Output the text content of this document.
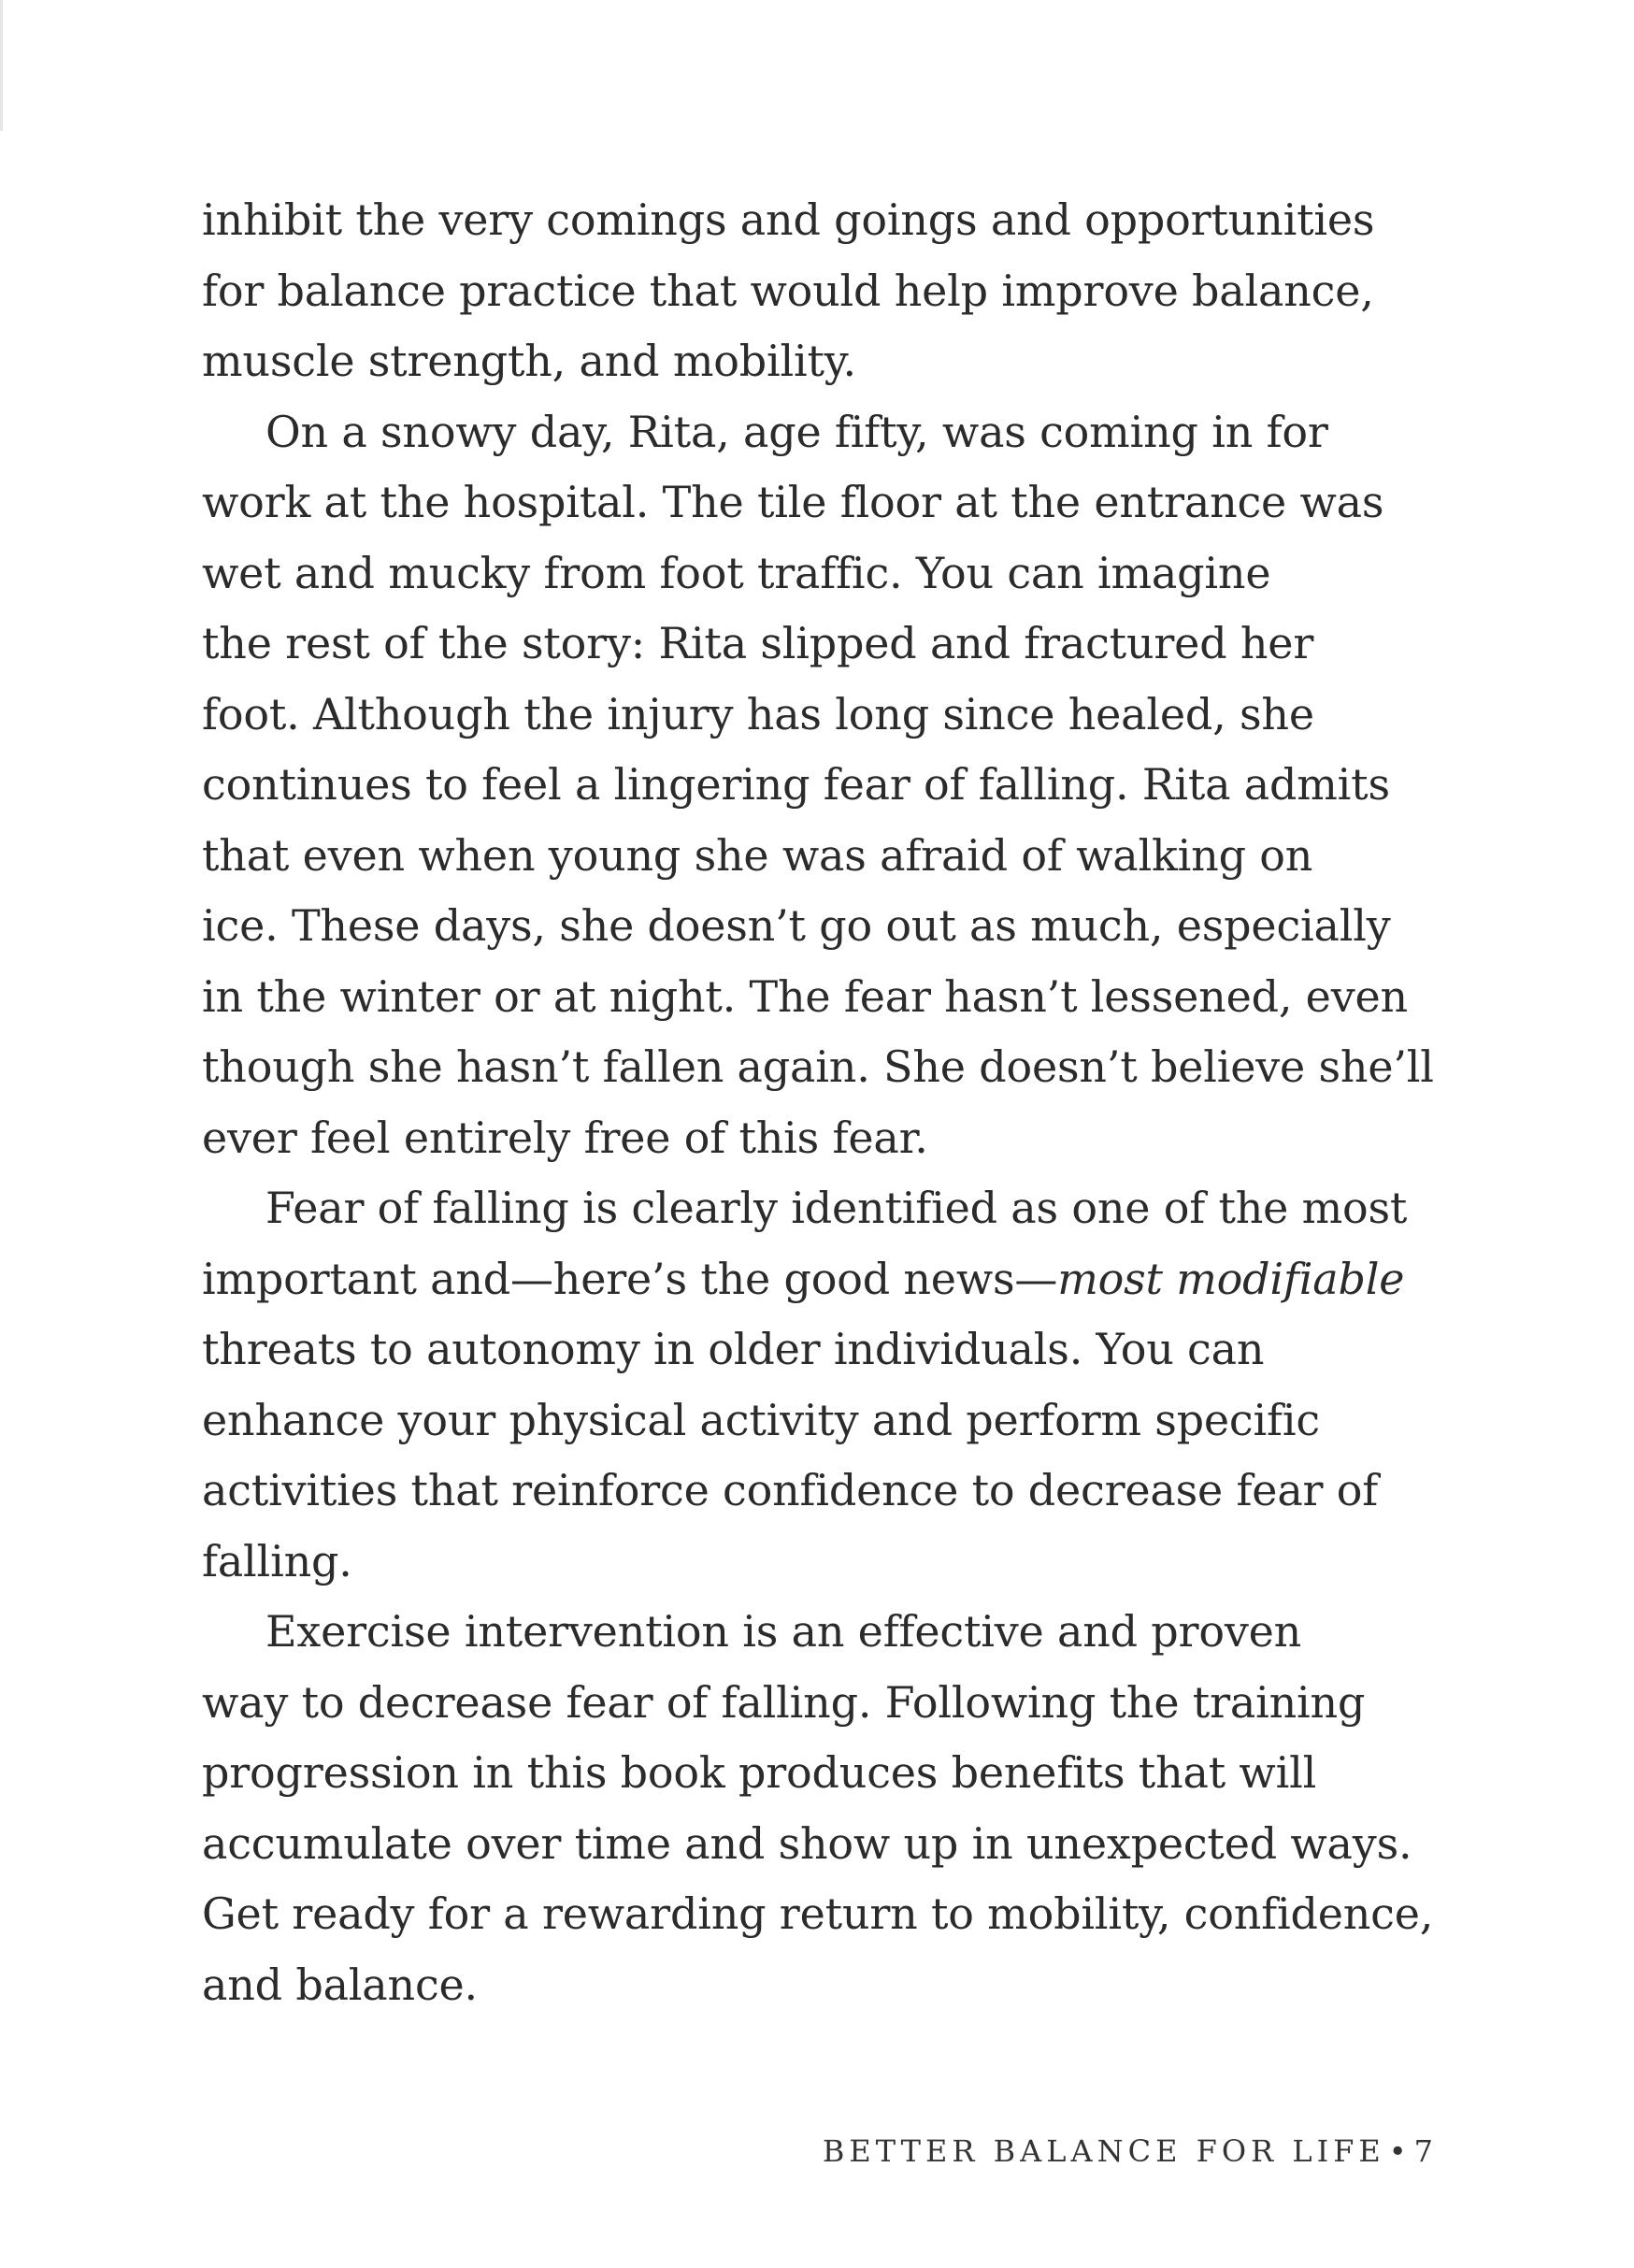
inhibit the very comings and goings and opportunities
for balance practice that would help improve balance,
muscle strength, and mobility.

On a snowy day, Rita, age fifty, was coming in for
work at the hospital. The tile floor at the entrance was
wet and mucky from foot traffic. You can imagine
the rest of the story: Rita slipped and fractured her
foot. Although the injury has long since healed, she
continues to feel a lingering fear of falling. Rita admits
that even when young she was afraid of walking on
ice. These days, she doesn’t go out as much, especially
in the winter or at night. The fear hasn’t lessened, even
though she hasn’t fallen again. She doesn’t believe she’ll
ever feel entirely free of this fear.

Fear of falling is clearly identified as one of the most
important and—here’s the good news—most modifiable
threats to autonomy in older individuals. You can
enhance your physical activity and perform specific
activities that reinforce confidence to decrease fear of
falling.

Exercise intervention is an effective and proven
way to decrease fear of falling. Following the training
progression in this book produces benefits that will
accumulate over time and show up in unexpected ways.
Get ready for a rewarding return to mobility, confidence,
and balance.

BETTER BALANCE FOR LIFE • 7
